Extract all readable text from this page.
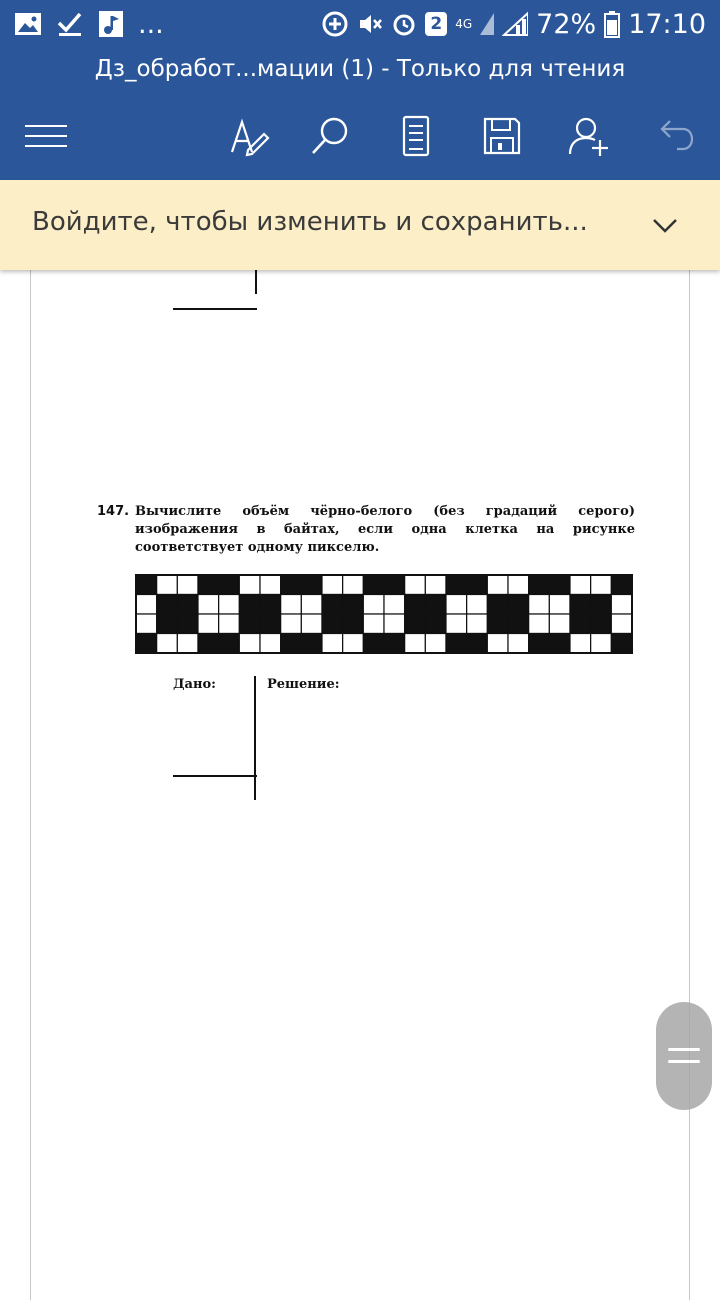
...	2	4G 72% 17:10
Дз_обработ...мации (1) - Только для чтения
Войдите, чтобы изменить и сохранить...
147. Вычислите объём чёрно-белого (без градаций серого) изображения в байтах, если одна клетка на рисунке соответствует одному пикселю.
Дано:	Решение:
